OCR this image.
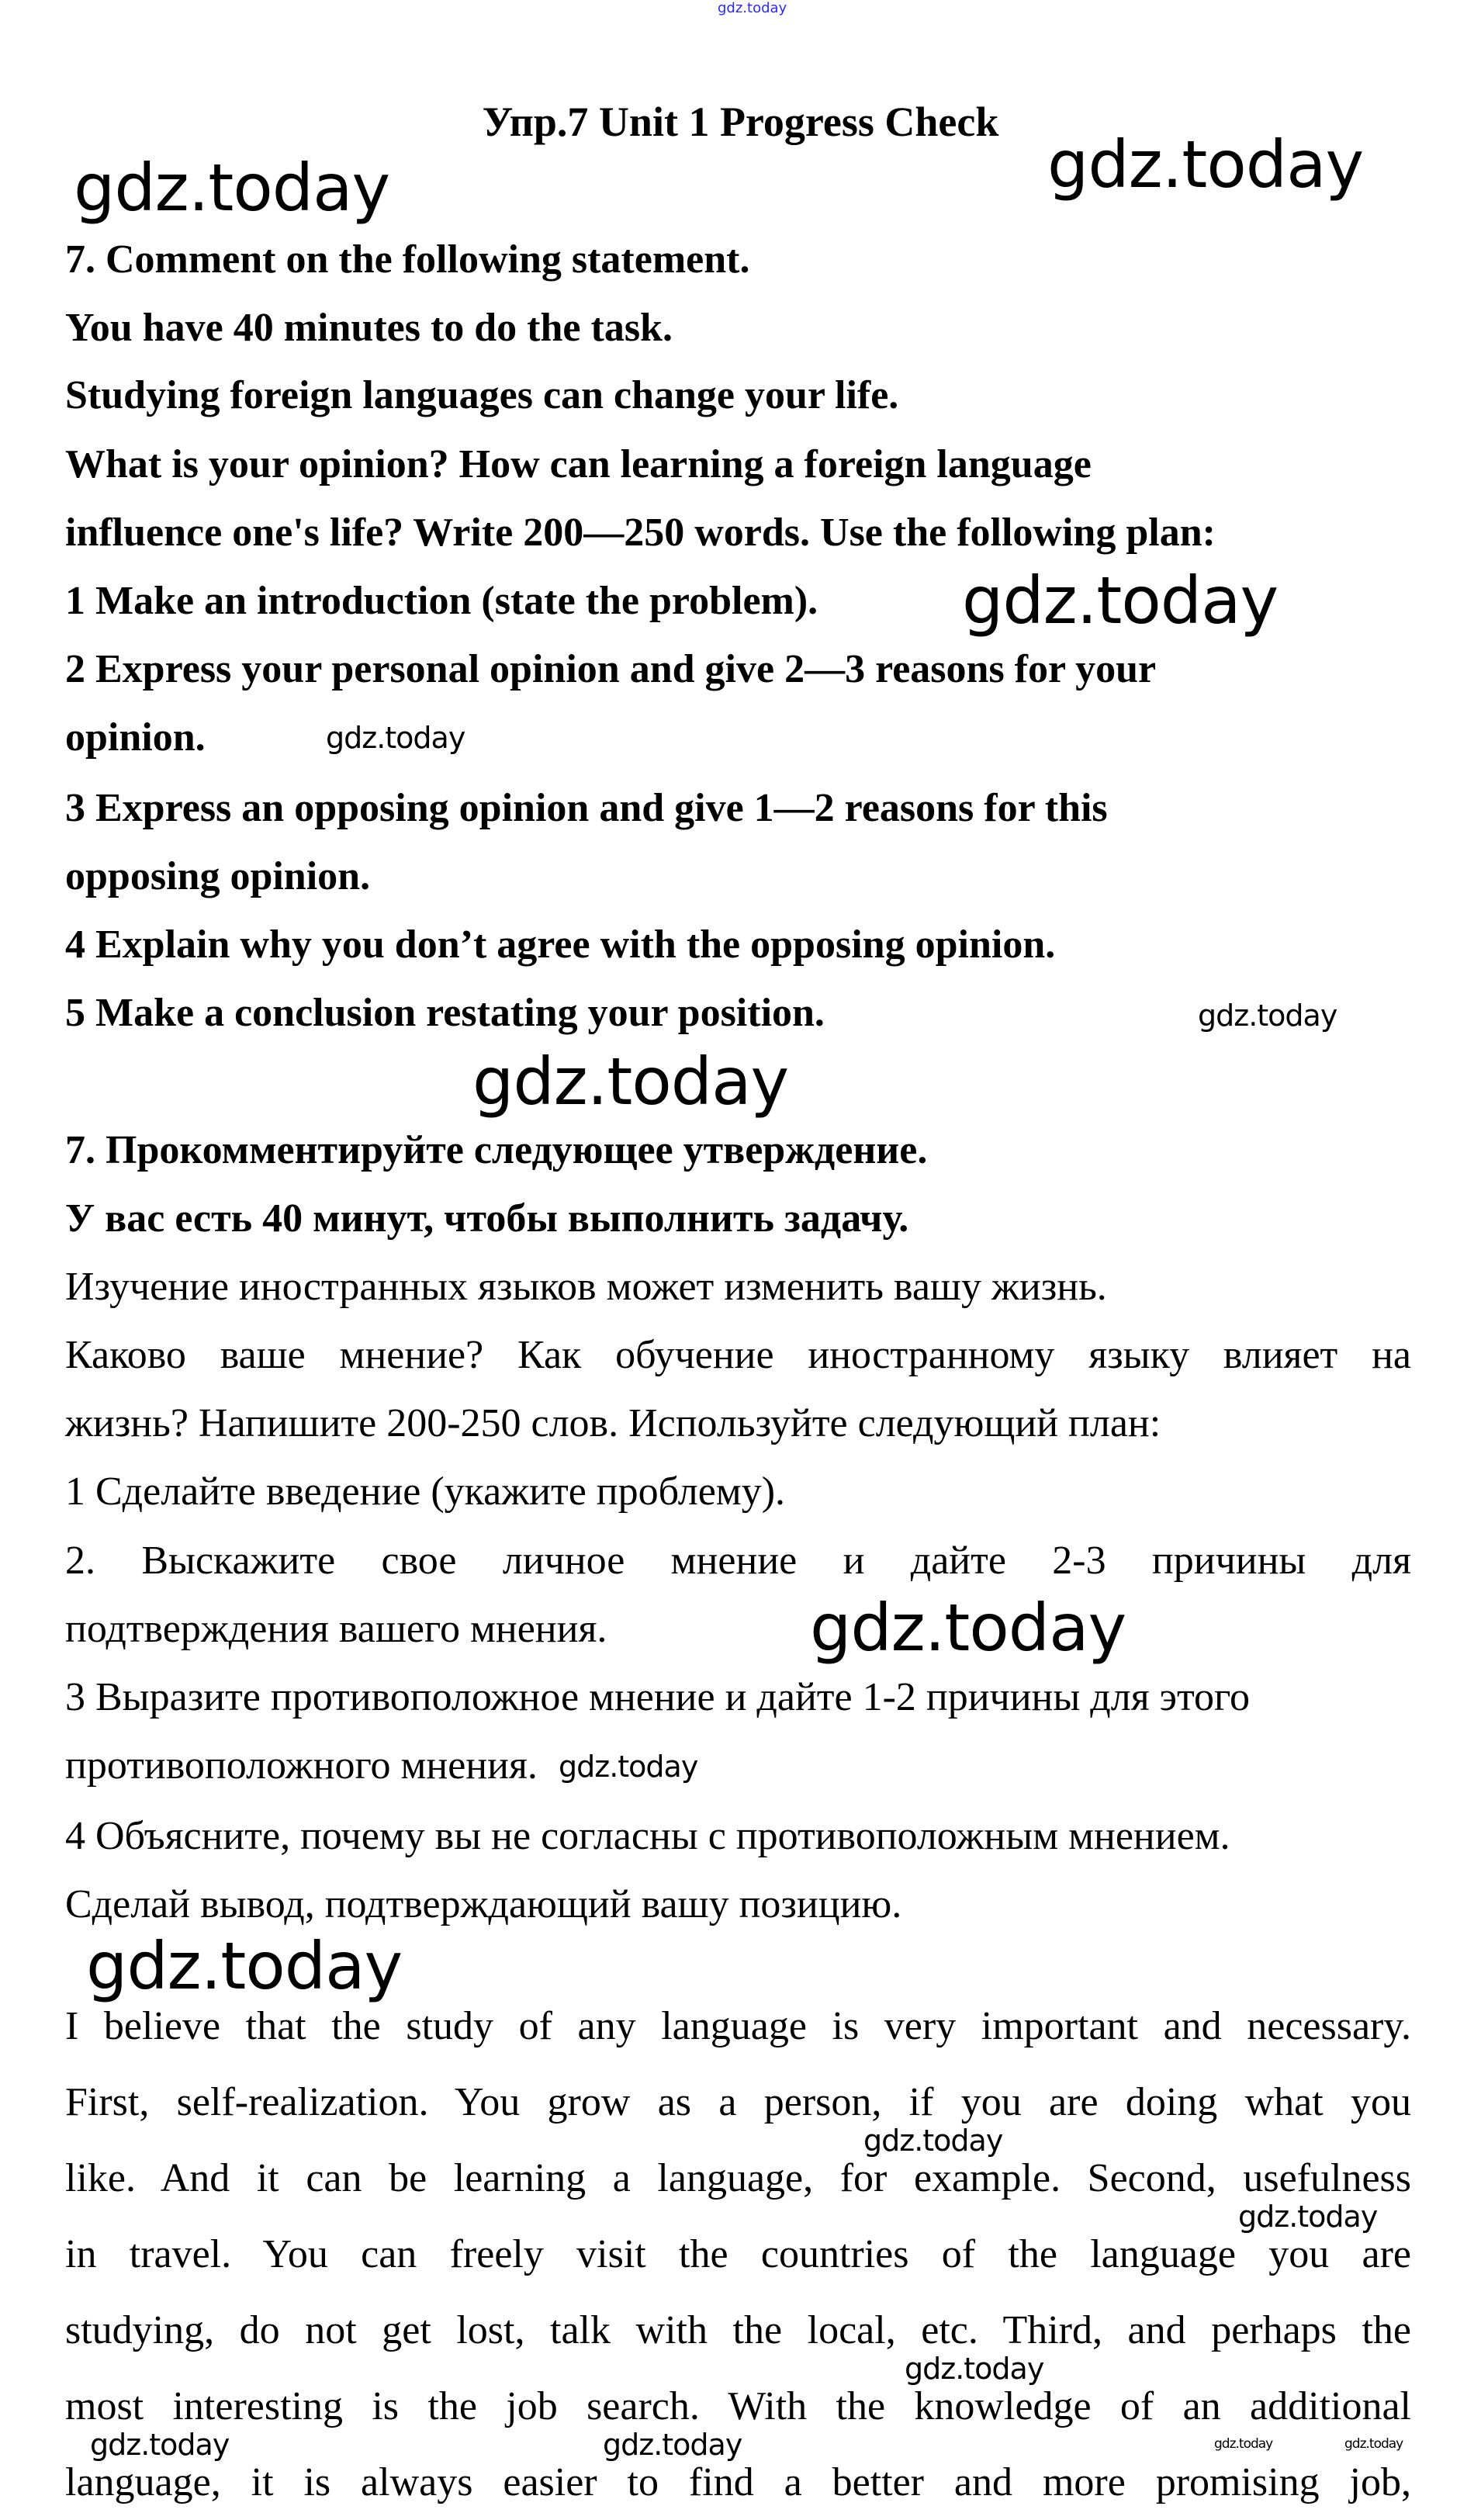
gdz.today
Упр.7 Unit 1 Progress Check
gdz.today	gdz.today
gdz.today
gdz.today
gdz.today
gdz.today
gdz.today
gdz.today
gdz.today
gdz.today
gdz.today
gdz.today
gdz.today	gdz.today	gdz.today	gdz.today
7. Comment on the following statement.
You have 40 minutes to do the task.
Studying foreign languages can change your life.
What is your opinion? How can learning a foreign language
influence one's life? Write 200—250 words. Use the following plan:
1 Make an introduction (state the problem).
2 Express your personal opinion and give 2—3 reasons for your
opinion.
3 Express an opposing opinion and give 1—2 reasons for this
opposing opinion.
4 Explain why you don’t agree with the opposing opinion.
5 Make a conclusion restating your position.
7. Прокомментируйте следующее утверждение.
У вас есть 40 минут, чтобы выполнить задачу.
Изучение иностранных языков может изменить вашу жизнь.
Каково ваше мнение? Как обучение иностранному языку влияет на
жизнь? Напишите 200-250 слов. Используйте следующий план:
1 Сделайте введение (укажите проблему).
2. Выскажите свое личное мнение и дайте 2-3 причины для
подтверждения вашего мнения.
3 Выразите противоположное мнение и дайте 1-2 причины для этого
противоположного мнения.
4 Объясните, почему вы не согласны с противоположным мнением.
Сделай вывод, подтверждающий вашу позицию.
I believe that the study of any language is very important and necessary.
First, self-realization. You grow as a person, if you are doing what you
like. And it can be learning a language, for example. Second, usefulness
in travel. You can freely visit the countries of the language you are
studying, do not get lost, talk with the local, etc. Third, and perhaps the
most interesting is the job search. With the knowledge of an additional
language, it is always easier to find a better and more promising job,
